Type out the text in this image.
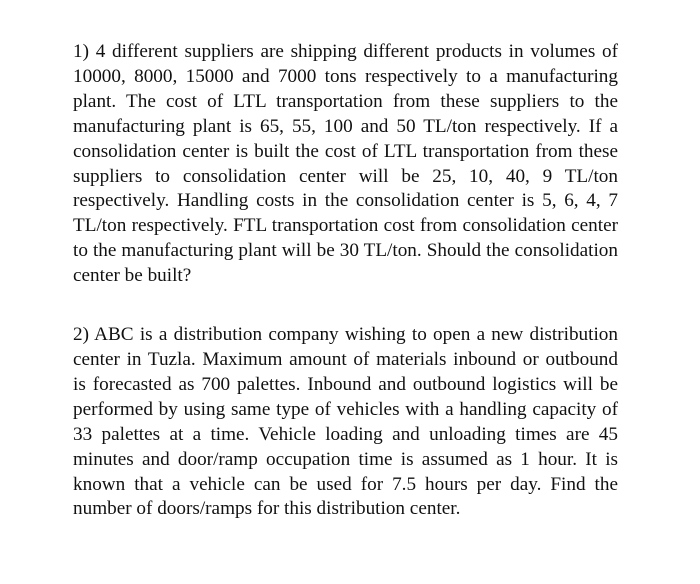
1) 4 different suppliers are shipping different products in volumes of 10000, 8000, 15000 and 7000 tons respectively to a manufacturing plant. The cost of LTL transportation from these suppliers to the manufacturing plant is 65, 55, 100 and 50 TL/ton respectively. If a consolidation center is built the cost of LTL transportation from these suppliers to consolidation center will be 25, 10, 40, 9 TL/ton respectively. Handling costs in the consolidation center is 5, 6, 4, 7 TL/ton respectively. FTL transportation cost from consolidation center to the manufacturing plant will be 30 TL/ton. Should the consolidation center be built?

2) ABC is a distribution company wishing to open a new distribution center in Tuzla. Maximum amount of materials inbound or outbound is forecasted as 700 palettes. Inbound and outbound logistics will be performed by using same type of vehicles with a handling capacity of 33 palettes at a time. Vehicle loading and unloading times are 45 minutes and door/ramp occupation time is assumed as 1 hour. It is known that a vehicle can be used for 7.5 hours per day. Find the number of doors/ramps for this distribution center.
